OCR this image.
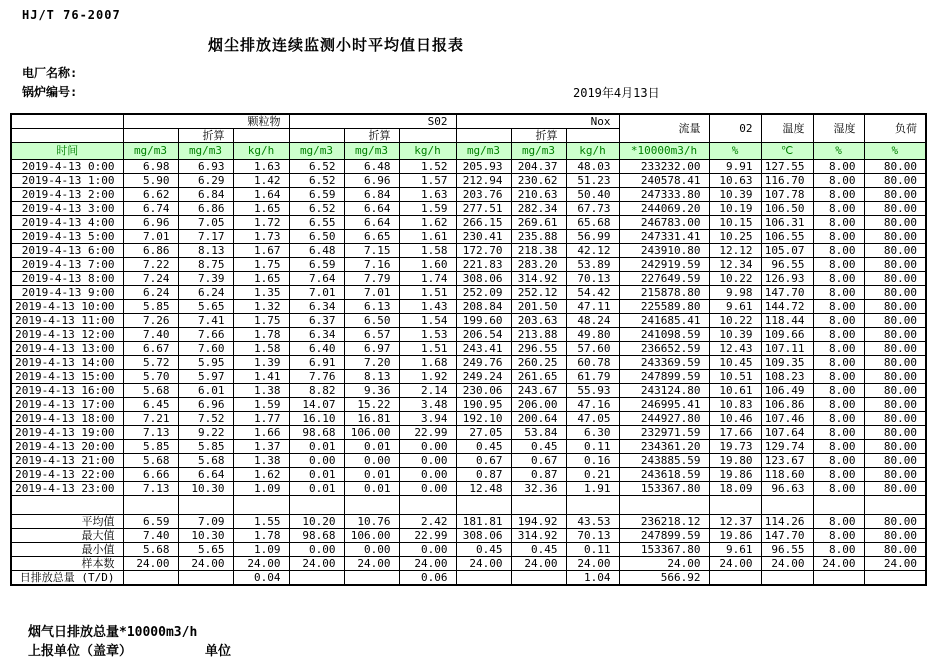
HJ/T 76-2007
烟尘排放连续监测小时平均值日报表
电厂名称:
锅炉编号:	2019年4月13日
	颗粒物			S02			Nox			流量	02	温度	湿度	负荷
		折算			折算			折算						
时间	mg/m3	mg/m3	kg/h	mg/m3	mg/m3	kg/h	mg/m3	mg/m3	kg/h	*10000m3/h	%	℃	%	%
2019-4-13 0:00	6.98	6.93	1.63	6.52	6.48	1.52	205.93	204.37	48.03	233232.00	9.91	127.55	8.00	80.00
2019-4-13 1:00	5.90	6.29	1.42	6.52	6.96	1.57	212.94	230.62	51.23	240578.41	10.63	116.70	8.00	80.00
2019-4-13 2:00	6.62	6.84	1.64	6.59	6.84	1.63	203.76	210.63	50.40	247333.80	10.39	107.78	8.00	80.00
2019-4-13 3:00	6.74	6.86	1.65	6.52	6.64	1.59	277.51	282.34	67.73	244069.20	10.19	106.50	8.00	80.00
2019-4-13 4:00	6.96	7.05	1.72	6.55	6.64	1.62	266.15	269.61	65.68	246783.00	10.15	106.31	8.00	80.00
2019-4-13 5:00	7.01	7.17	1.73	6.50	6.65	1.61	230.41	235.88	56.99	247331.41	10.25	106.55	8.00	80.00
2019-4-13 6:00	6.86	8.13	1.67	6.48	7.15	1.58	172.70	218.38	42.12	243910.80	12.12	105.07	8.00	80.00
2019-4-13 7:00	7.22	8.75	1.75	6.59	7.16	1.60	221.83	283.20	53.89	242919.59	12.34	96.55	8.00	80.00
2019-4-13 8:00	7.24	7.39	1.65	7.64	7.79	1.74	308.06	314.92	70.13	227649.59	10.22	126.93	8.00	80.00
2019-4-13 9:00	6.24	6.24	1.35	7.01	7.01	1.51	252.09	252.12	54.42	215878.80	9.98	147.70	8.00	80.00
2019-4-13 10:00	5.85	5.65	1.32	6.34	6.13	1.43	208.84	201.50	47.11	225589.80	9.61	144.72	8.00	80.00
2019-4-13 11:00	7.26	7.41	1.75	6.37	6.50	1.54	199.60	203.63	48.24	241685.41	10.22	118.44	8.00	80.00
2019-4-13 12:00	7.40	7.66	1.78	6.34	6.57	1.53	206.54	213.88	49.80	241098.59	10.39	109.66	8.00	80.00
2019-4-13 13:00	6.67	7.60	1.58	6.40	6.97	1.51	243.41	296.55	57.60	236652.59	12.43	107.11	8.00	80.00
2019-4-13 14:00	5.72	5.95	1.39	6.91	7.20	1.68	249.76	260.25	60.78	243369.59	10.45	109.35	8.00	80.00
2019-4-13 15:00	5.70	5.97	1.41	7.76	8.13	1.92	249.24	261.65	61.79	247899.59	10.51	108.23	8.00	80.00
2019-4-13 16:00	5.68	6.01	1.38	8.82	9.36	2.14	230.06	243.67	55.93	243124.80	10.61	106.49	8.00	80.00
2019-4-13 17:00	6.45	6.96	1.59	14.07	15.22	3.48	190.95	206.00	47.16	246995.41	10.83	106.86	8.00	80.00
2019-4-13 18:00	7.21	7.52	1.77	16.10	16.81	3.94	192.10	200.64	47.05	244927.80	10.46	107.46	8.00	80.00
2019-4-13 19:00	7.13	9.22	1.66	98.68	106.00	22.99	27.05	53.84	6.30	232971.59	17.66	107.64	8.00	80.00
2019-4-13 20:00	5.85	5.85	1.37	0.01	0.01	0.00	0.45	0.45	0.11	234361.20	19.73	129.74	8.00	80.00
2019-4-13 21:00	5.68	5.68	1.38	0.00	0.00	0.00	0.67	0.67	0.16	243885.59	19.80	123.67	8.00	80.00
2019-4-13 22:00	6.66	6.64	1.62	0.01	0.01	0.00	0.87	0.87	0.21	243618.59	19.86	118.60	8.00	80.00
2019-4-13 23:00	7.13	10.30	1.09	0.01	0.01	0.00	12.48	32.36	1.91	153367.80	18.09	96.63	8.00	80.00

平均值	6.59	7.09	1.55	10.20	10.76	2.42	181.81	194.92	43.53	236218.12	12.37	114.26	8.00	80.00
最大值	7.40	10.30	1.78	98.68	106.00	22.99	308.06	314.92	70.13	247899.59	19.86	147.70	8.00	80.00
最小值	5.68	5.65	1.09	0.00	0.00	0.00	0.45	0.45	0.11	153367.80	9.61	96.55	8.00	80.00
样本数	24.00	24.00	24.00	24.00	24.00	24.00	24.00	24.00	24.00	24.00	24.00	24.00	24.00	24.00
日排放总量 (T/D)			0.04			0.06			1.04	566.92				
烟气日排放总量*10000m3/h
上报单位（盖章）	单位
